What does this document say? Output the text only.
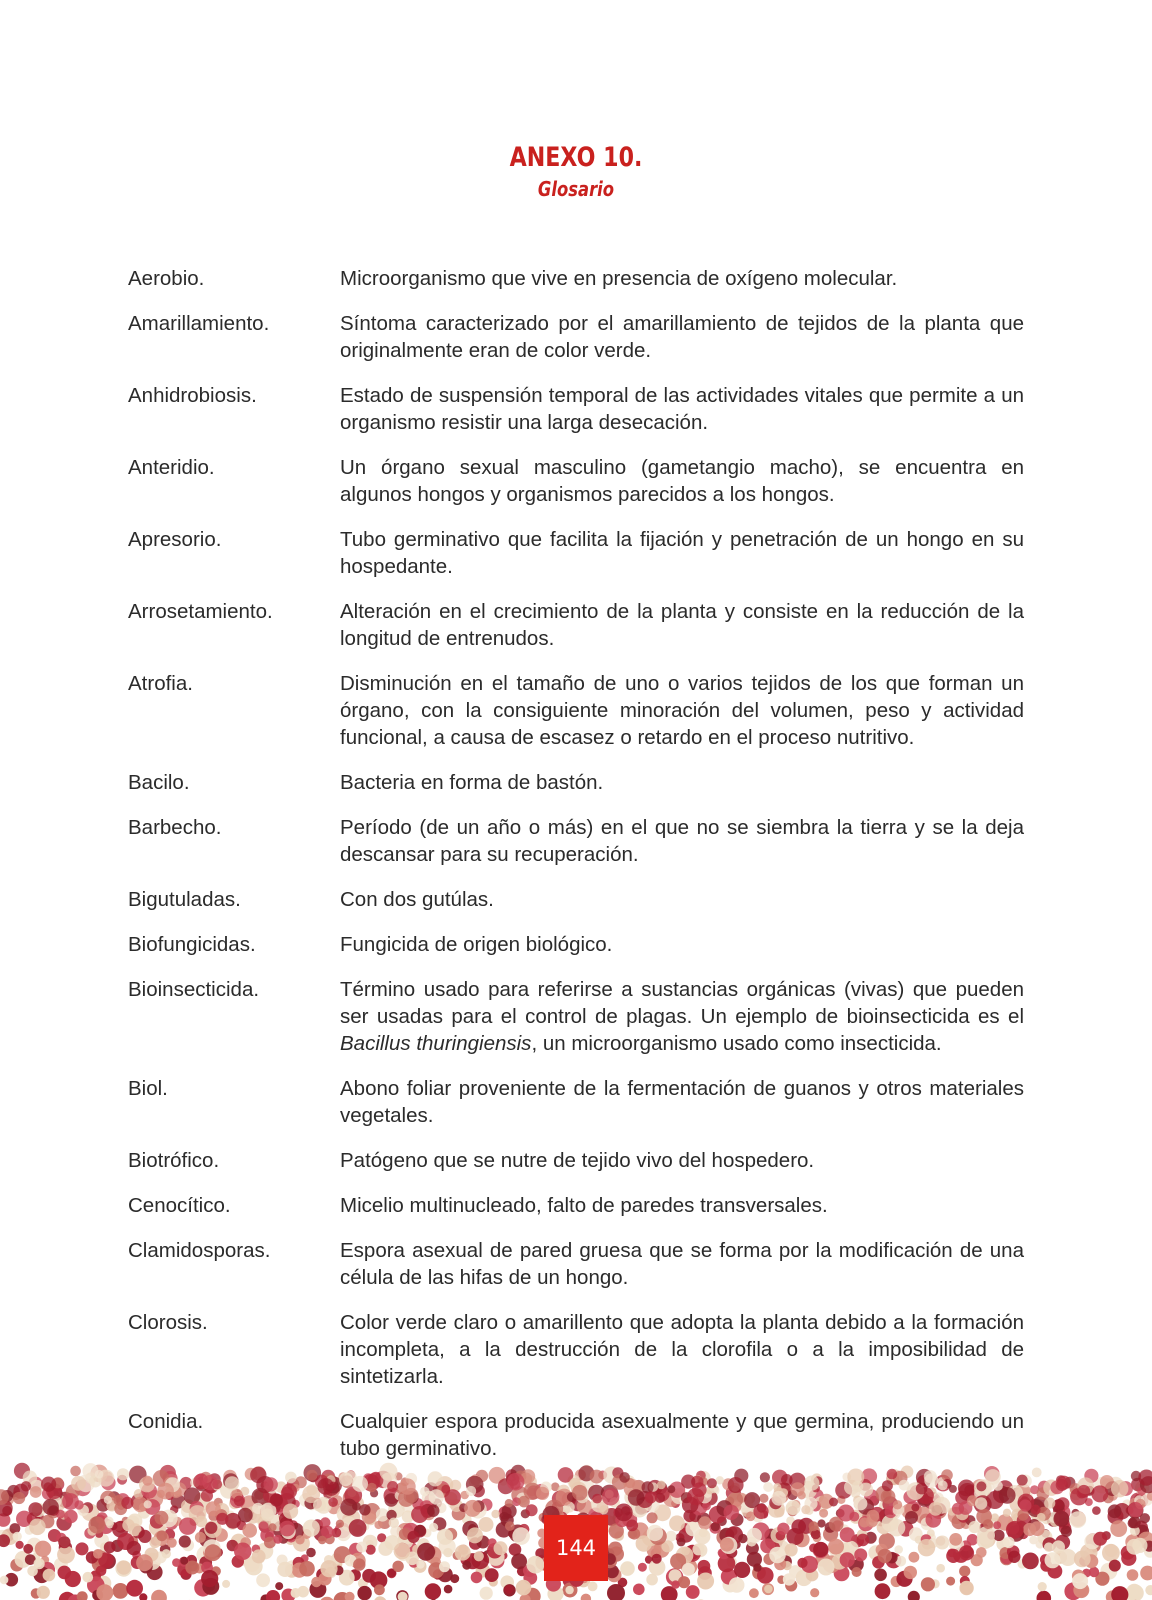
ANEXO 10.
Glosario
Aerobio.	Microorganismo que vive en presencia de oxígeno molecular.
Amarillamiento.	Síntoma caracterizado por el amarillamiento de tejidos de la planta que originalmente eran de color verde.
Anhidrobiosis.	Estado de suspensión temporal de las actividades vitales que permite a un organismo resistir una larga desecación.
Anteridio.	Un órgano sexual masculino (gametangio macho), se encuentra en algunos hongos y organismos parecidos a los hongos.
Apresorio.	Tubo germinativo que facilita la fijación y penetración de un hongo en su hospedante.
Arrosetamiento.	Alteración en el crecimiento de la planta y consiste en la reducción de la longitud de entrenudos.
Atrofia.	Disminución en el tamaño de uno o varios tejidos de los que forman un órgano, con la consiguiente minoración del volumen, peso y actividad funcional, a causa de escasez o retardo en el proceso nutritivo.
Bacilo.	Bacteria en forma de bastón.
Barbecho.	Período (de un año o más) en el que no se siembra la tierra y se la deja descansar para su recuperación.
Bigutuladas.	Con dos gutúlas.
Biofungicidas.	Fungicida de origen biológico.
Bioinsecticida.	Término usado para referirse a sustancias orgánicas (vivas) que pueden ser usadas para el control de plagas. Un ejemplo de bioinsecticida es el Bacillus thuringiensis, un microorganismo usado como insecticida.
Biol.	Abono foliar proveniente de la fermentación de guanos y otros materiales vegetales.
Biotrófico.	Patógeno que se nutre de tejido vivo del hospedero.
Cenocítico.	Micelio multinucleado, falto de paredes transversales.
Clamidosporas.	Espora asexual de pared gruesa que se forma por la modificación de una célula de las hifas de un hongo.
Clorosis.	Color verde claro o amarillento que adopta la planta debido a la formación incompleta, a la destrucción de la clorofila o a la imposibilidad de sintetizarla.
Conidia.	Cualquier espora producida asexualmente y que germina, produciendo un tubo germinativo.
144
